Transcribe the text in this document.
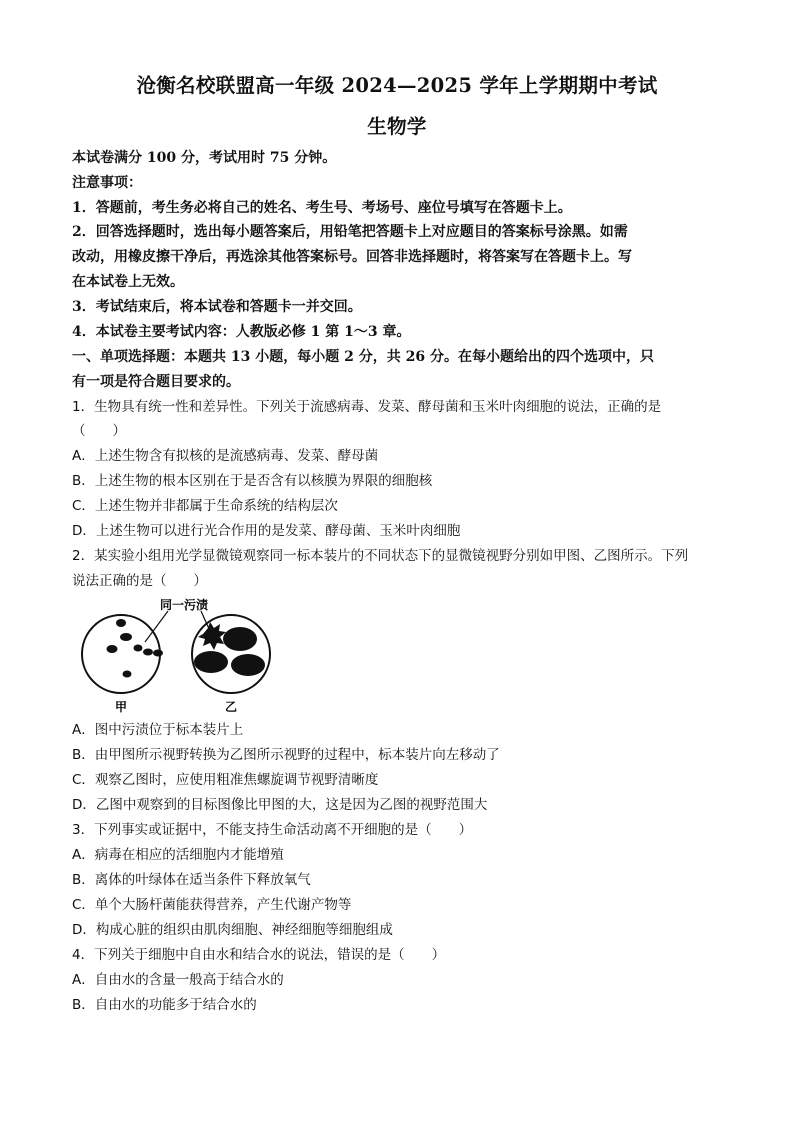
沧衡名校联盟高一年级 2024—2025 学年上学期期中考试
生物学
本试卷满分 100 分，考试用时 75 分钟。
注意事项：
1．答题前，考生务必将自己的姓名、考生号、考场号、座位号填写在答题卡上。
2．回答选择题时，选出每小题答案后，用铅笔把答题卡上对应题目的答案标号涂黑。如需
改动，用橡皮擦干净后，再选涂其他答案标号。回答非选择题时，将答案写在答题卡上。写
在本试卷上无效。
3．考试结束后，将本试卷和答题卡一并交回。
4．本试卷主要考试内容：人教版必修 1 第 1～3 章。
一、单项选择题：本题共 13 小题，每小题 2 分，共 26 分。在每小题给出的四个选项中，只
有一项是符合题目要求的。
1．生物具有统一性和差异性。下列关于流感病毒、发菜、酵母菌和玉米叶肉细胞的说法，正确的是
（　　）
A．上述生物含有拟核的是流感病毒、发菜、酵母菌
B．上述生物的根本区别在于是否含有以核膜为界限的细胞核
C．上述生物并非都属于生命系统的结构层次
D．上述生物可以进行光合作用的是发菜、酵母菌、玉米叶肉细胞
2．某实验小组用光学显微镜观察同一标本装片的不同状态下的显微镜视野分别如甲图、乙图所示。下列
说法正确的是（　　）
同一污渍
甲	乙
A．图中污渍位于标本装片上
B．由甲图所示视野转换为乙图所示视野的过程中，标本装片向左移动了
C．观察乙图时，应使用粗准焦螺旋调节视野清晰度
D．乙图中观察到的目标图像比甲图的大，这是因为乙图的视野范围大
3．下列事实或证据中，不能支持生命活动离不开细胞的是（　　）
A．病毒在相应的活细胞内才能增殖
B．离体的叶绿体在适当条件下释放氧气
C．单个大肠杆菌能获得营养，产生代谢产物等
D．构成心脏的组织由肌肉细胞、神经细胞等细胞组成
4．下列关于细胞中自由水和结合水的说法，错误的是（　　）
A．自由水的含量一般高于结合水的
B．自由水的功能多于结合水的
